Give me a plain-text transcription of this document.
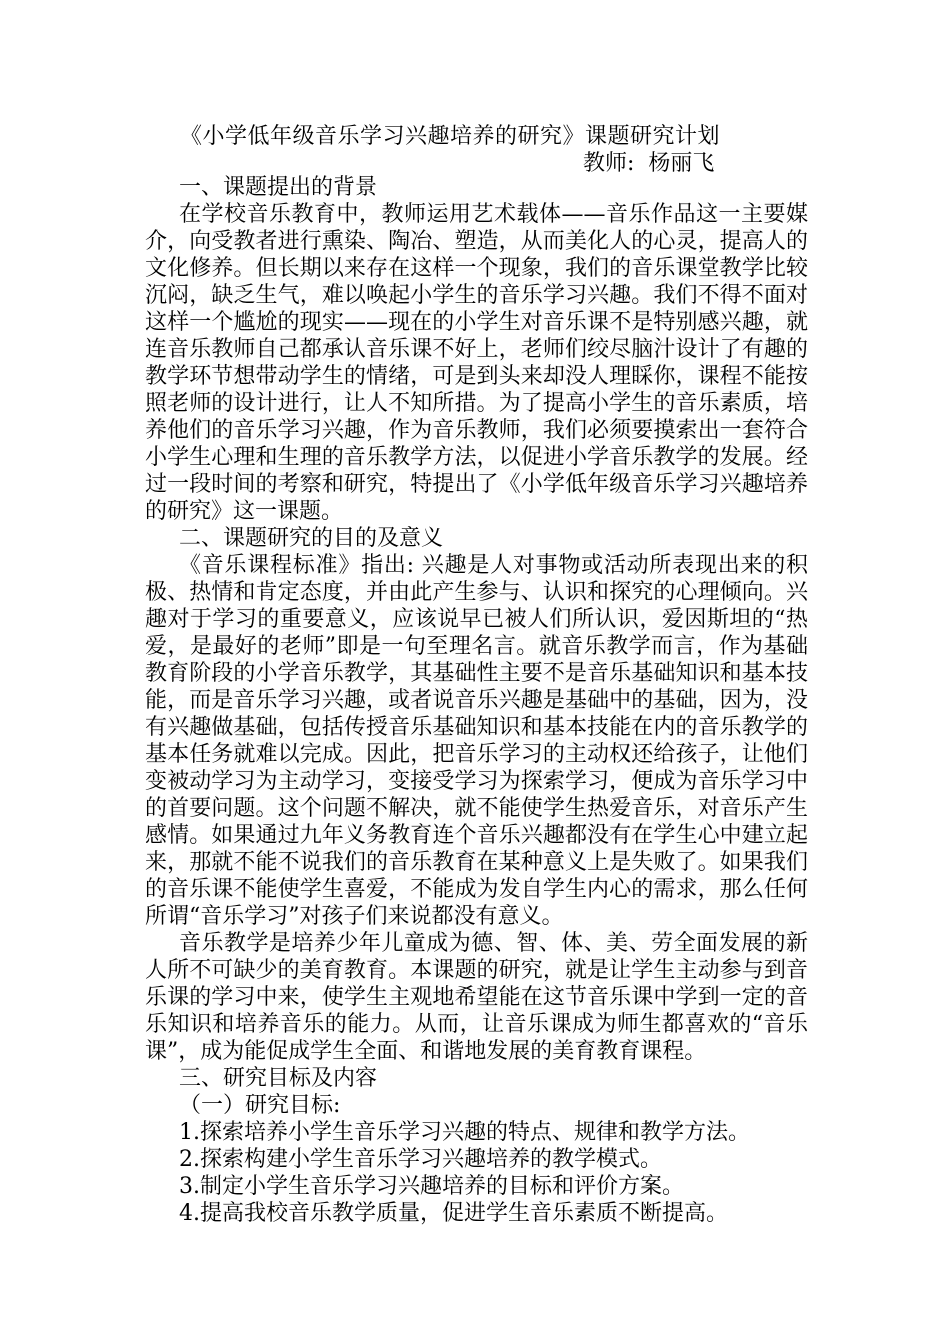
《小学低年级音乐学习兴趣培养的研究》课题研究计划
教师: 杨丽飞

一、课题提出的背景

在学校音乐教育中，教师运用艺术载体——音乐作品这一主要媒介，向受教者进行熏染、陶冶、塑造，从而美化人的心灵，提高人的文化修养。但长期以来存在这样一个现象，我们的音乐课堂教学比较沉闷，缺乏生气，难以唤起小学生的音乐学习兴趣。我们不得不面对这样一个尴尬的现实——现在的小学生对音乐课不是特别感兴趣，就连音乐教师自己都承认音乐课不好上，老师们绞尽脑汁设计了有趣的教学环节想带动学生的情绪，可是到头来却没人理睬你，课程不能按照老师的设计进行，让人不知所措。为了提高小学生的音乐素质，培养他们的音乐学习兴趣，作为音乐教师，我们必须要摸索出一套符合小学生心理和生理的音乐教学方法，以促进小学音乐教学的发展。经过一段时间的考察和研究，特提出了《小学低年级音乐学习兴趣培养的研究》这一课题。

二、课题研究的目的及意义

《音乐课程标准》指出: 兴趣是人对事物或活动所表现出来的积极、热情和肯定态度，并由此产生参与、认识和探究的心理倾向。兴趣对于学习的重要意义，应该说早已被人们所认识，爱因斯坦的“热爱，是最好的老师”即是一句至理名言。就音乐教学而言，作为基础教育阶段的小学音乐教学，其基础性主要不是音乐基础知识和基本技能，而是音乐学习兴趣，或者说音乐兴趣是基础中的基础，因为，没有兴趣做基础，包括传授音乐基础知识和基本技能在内的音乐教学的基本任务就难以完成。因此，把音乐学习的主动权还给孩子，让他们变被动学习为主动学习，变接受学习为探索学习，便成为音乐学习中的首要问题。这个问题不解决，就不能使学生热爱音乐，对音乐产生感情。如果通过九年义务教育连个音乐兴趣都没有在学生心中建立起来，那就不能不说我们的音乐教育在某种意义上是失败了。如果我们的音乐课不能使学生喜爱，不能成为发自学生内心的需求，那么任何所谓“音乐学习”对孩子们来说都没有意义。

音乐教学是培养少年儿童成为德、智、体、美、劳全面发展的新人所不可缺少的美育教育。本课题的研究，就是让学生主动参与到音乐课的学习中来，使学生主观地希望能在这节音乐课中学到一定的音乐知识和培养音乐的能力。从而，让音乐课成为师生都喜欢的“音乐课”，成为能促成学生全面、和谐地发展的美育教育课程。

三、研究目标及内容

（一）研究目标:

1.探索培养小学生音乐学习兴趣的特点、规律和教学方法。

2.探索构建小学生音乐学习兴趣培养的教学模式。

3.制定小学生音乐学习兴趣培养的目标和评价方案。

4.提高我校音乐教学质量，促进学生音乐素质不断提高。
